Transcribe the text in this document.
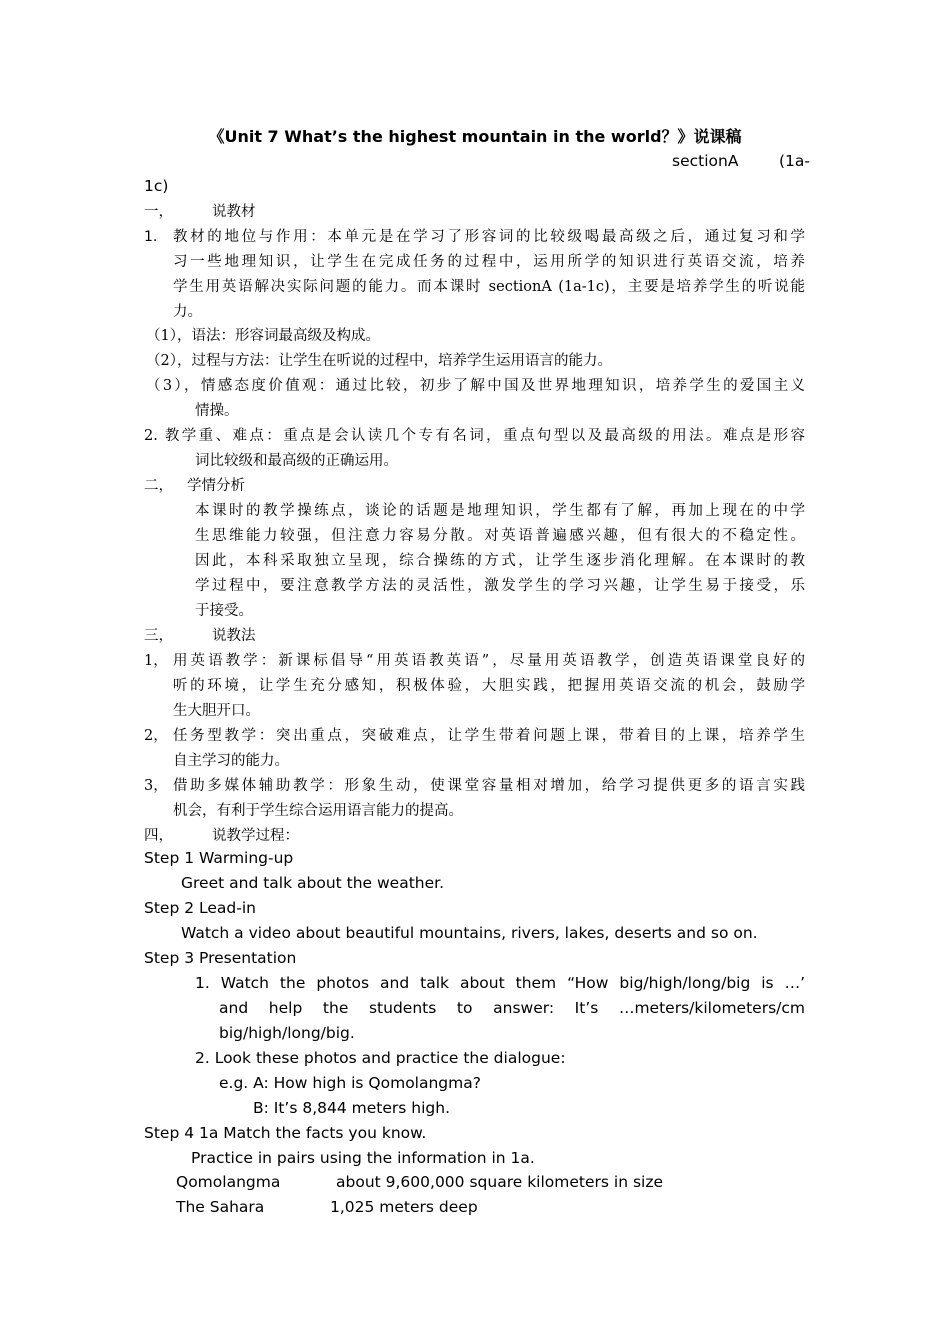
《Unit 7 What’s the highest mountain in the world？》说课稿
sectionA	(1a-
1c)
一，	说教材
1. 教材的地位与作用：本单元是在学习了形容词的比较级喝最高级之后，通过复习和学
习一些地理知识，让学生在完成任务的过程中，运用所学的知识进行英语交流，培养
学生用英语解决实际问题的能力。而本课时 sectionA (1a-1c)，主要是培养学生的听说能
力。
（1），语法：形容词最高级及构成。
（2），过程与方法：让学生在听说的过程中，培养学生运用语言的能力。
（3），情感态度价值观：通过比较，初步了解中国及世界地理知识，培养学生的爱国主义
情操。
2. 教学重、难点：重点是会认读几个专有名词，重点句型以及最高级的用法。难点是形容
词比较级和最高级的正确运用。
二， 学情分析
本课时的教学操练点，谈论的话题是地理知识，学生都有了解，再加上现在的中学
生思维能力较强，但注意力容易分散。对英语普遍感兴趣，但有很大的不稳定性。
因此，本科采取独立呈现，综合操练的方式，让学生逐步消化理解。在本课时的教
学过程中，要注意教学方法的灵活性，激发学生的学习兴趣，让学生易于接受，乐
于接受。
三，	说教法
1， 用英语教学：新课标倡导“用英语教英语”，尽量用英语教学，创造英语课堂良好的
听的环境，让学生充分感知，积极体验，大胆实践，把握用英语交流的机会，鼓励学
生大胆开口。
2， 任务型教学：突出重点，突破难点，让学生带着问题上课，带着目的上课，培养学生
自主学习的能力。
3， 借助多媒体辅助教学：形象生动，使课堂容量相对增加，给学习提供更多的语言实践
机会，有利于学生综合运用语言能力的提高。
四，	说教学过程：
Step 1 Warming-up
Greet and talk about the weather.
Step 2 Lead-in
Watch a video about beautiful mountains, rivers, lakes, deserts and so on.
Step 3 Presentation
1. Watch the photos and talk about them “How big/high/long/big is …’
and help the students to answer: It’s …meters/kilometers/cm
big/high/long/big.
2. Look these photos and practice the dialogue:
e.g. A: How high is Qomolangma?
B: It’s 8,844 meters high.
Step 4 1a Match the facts you know.
Practice in pairs using the information in 1a.
Qomolangma	about 9,600,000 square kilometers in size
The Sahara	1,025 meters deep
